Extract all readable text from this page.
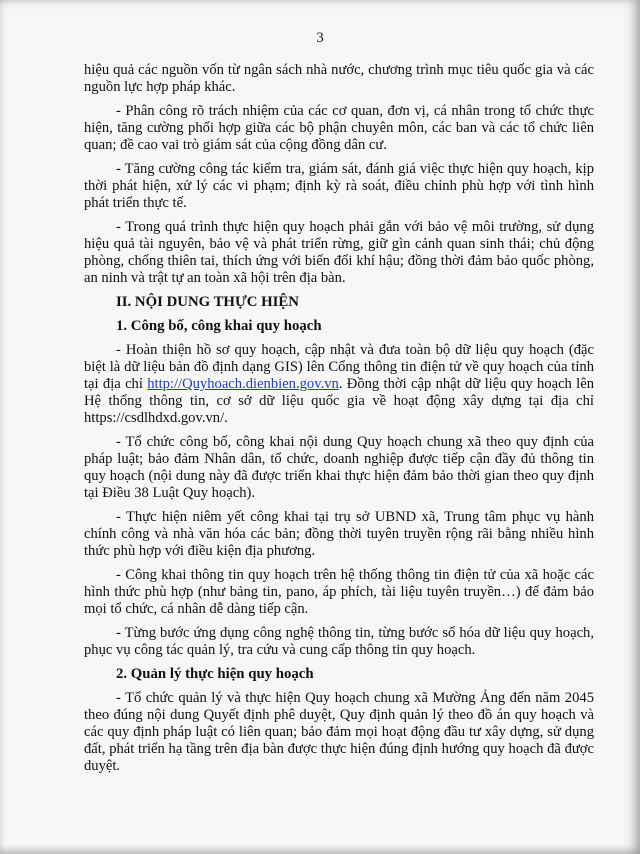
3

hiệu quả các nguồn vốn từ ngân sách nhà nước, chương trình mục tiêu quốc gia và các nguồn lực hợp pháp khác.

- Phân công rõ trách nhiệm của các cơ quan, đơn vị, cá nhân trong tổ chức thực hiện, tăng cường phối hợp giữa các bộ phận chuyên môn, các ban và các tổ chức liên quan; đề cao vai trò giám sát của cộng đồng dân cư.

- Tăng cường công tác kiểm tra, giám sát, đánh giá việc thực hiện quy hoạch, kịp thời phát hiện, xử lý các vi phạm; định kỳ rà soát, điều chỉnh phù hợp với tình hình phát triển thực tế.

- Trong quá trình thực hiện quy hoạch phải gắn với bảo vệ môi trường, sử dụng hiệu quả tài nguyên, bảo vệ và phát triển rừng, giữ gìn cảnh quan sinh thái; chủ động phòng, chống thiên tai, thích ứng với biến đổi khí hậu; đồng thời đảm bảo quốc phòng, an ninh và trật tự an toàn xã hội trên địa bàn.

II. NỘI DUNG THỰC HIỆN

1. Công bố, công khai quy hoạch

- Hoàn thiện hồ sơ quy hoạch, cập nhật và đưa toàn bộ dữ liệu quy hoạch (đặc biệt là dữ liệu bản đồ định dạng GIS) lên Cổng thông tin điện tử về quy hoạch của tỉnh tại địa chỉ http://Quyhoach.dienbien.gov.vn. Đồng thời cập nhật dữ liệu quy hoạch lên Hệ thống thông tin, cơ sở dữ liệu quốc gia về hoạt động xây dựng tại địa chỉ https://csdlhdxd.gov.vn/.

- Tổ chức công bố, công khai nội dung Quy hoạch chung xã theo quy định của pháp luật; bảo đảm Nhân dân, tổ chức, doanh nghiệp được tiếp cận đầy đủ thông tin quy hoạch (nội dung này đã được triển khai thực hiện đảm bảo thời gian theo quy định tại Điều 38 Luật Quy hoạch).

- Thực hiện niêm yết công khai tại trụ sở UBND xã, Trung tâm phục vụ hành chính công và nhà văn hóa các bản; đồng thời tuyên truyền rộng rãi bằng nhiều hình thức phù hợp với điều kiện địa phương.

- Công khai thông tin quy hoạch trên hệ thống thông tin điện tử của xã hoặc các hình thức phù hợp (như bảng tin, pano, áp phích, tài liệu tuyên truyền…) để đảm bảo mọi tổ chức, cá nhân dễ dàng tiếp cận.

- Từng bước ứng dụng công nghệ thông tin, từng bước số hóa dữ liệu quy hoạch, phục vụ công tác quản lý, tra cứu và cung cấp thông tin quy hoạch.

2. Quản lý thực hiện quy hoạch

- Tổ chức quản lý và thực hiện Quy hoạch chung xã Mường Ảng đến năm 2045 theo đúng nội dung Quyết định phê duyệt, Quy định quản lý theo đồ án quy hoạch và các quy định pháp luật có liên quan; bảo đảm mọi hoạt động đầu tư xây dựng, sử dụng đất, phát triển hạ tầng trên địa bàn được thực hiện đúng định hướng quy hoạch đã được duyệt.
